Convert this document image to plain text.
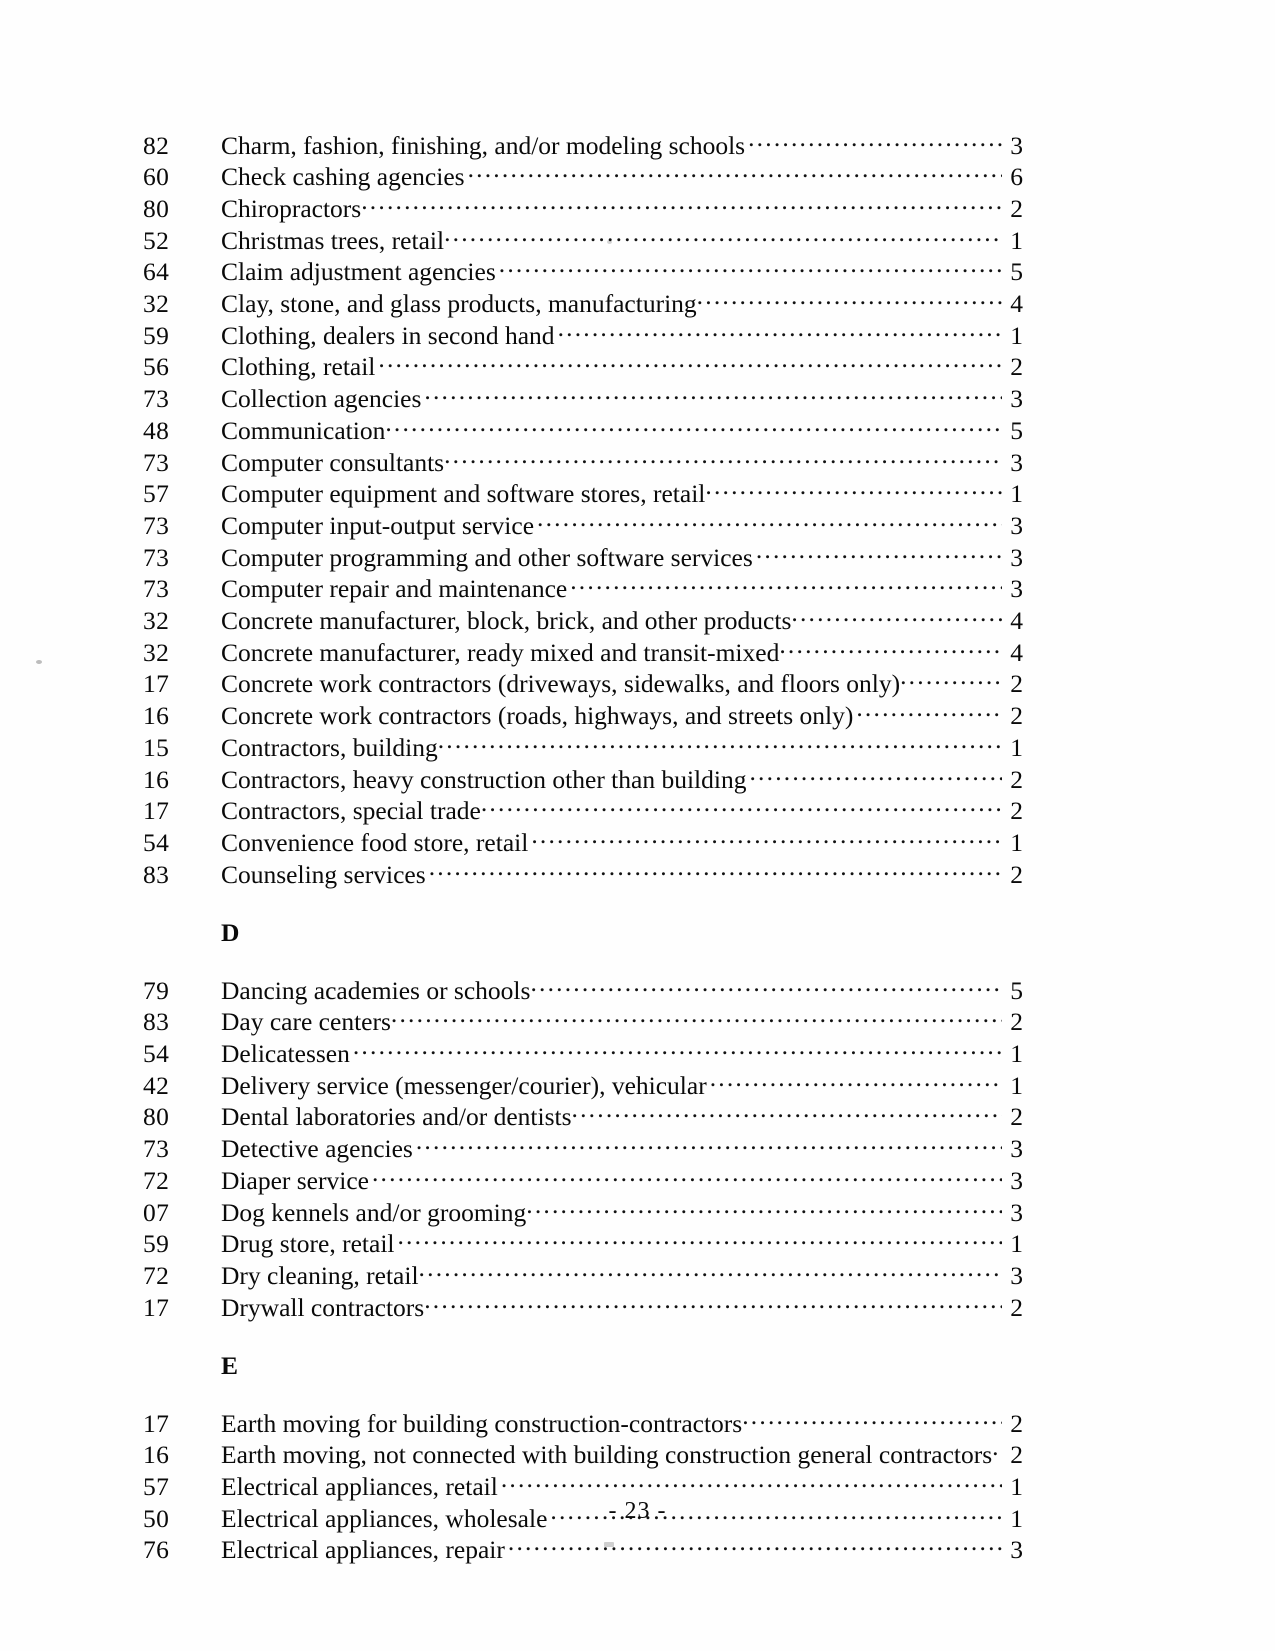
82	Charm, fashion, finishing, and/or modeling schools .....	3
60	Check cashing agencies .....	6
80	Chiropractors .....	2
52	Christmas trees, retail .....	1
64	Claim adjustment agencies .....	5
32	Clay, stone, and glass products, manufacturing .....	4
59	Clothing, dealers in second hand .....	1
56	Clothing, retail .....	2
73	Collection agencies .....	3
48	Communication .....	5
73	Computer consultants .....	3
57	Computer equipment and software stores, retail .....	1
73	Computer input-output service .....	3
73	Computer programming and other software services .....	3
73	Computer repair and maintenance .....	3
32	Concrete manufacturer, block, brick, and other products .....	4
32	Concrete manufacturer, ready mixed and transit-mixed .....	4
17	Concrete work contractors (driveways, sidewalks, and floors only) .....	2
16	Concrete work contractors (roads, highways, and streets only) .....	2
15	Contractors, building .....	1
16	Contractors, heavy construction other than building .....	2
17	Contractors, special trade .....	2
54	Convenience food store, retail .....	1
83	Counseling services .....	2
D
79	Dancing academies or schools .....	5
83	Day care centers .....	2
54	Delicatessen .....	1
42	Delivery service (messenger/courier), vehicular .....	1
80	Dental laboratories and/or dentists .....	2
73	Detective agencies .....	3
72	Diaper service .....	3
07	Dog kennels and/or grooming .....	3
59	Drug store, retail .....	1
72	Dry cleaning, retail .....	3
17	Drywall contractors .....	2
E
17	Earth moving for building construction-contractors .....	2
16	Earth moving, not connected with building construction general contractors ..... 2
57	Electrical appliances, retail .....	1
50	Electrical appliances, wholesale .....	1
76	Electrical appliances, repair .....	3
- 23 -
